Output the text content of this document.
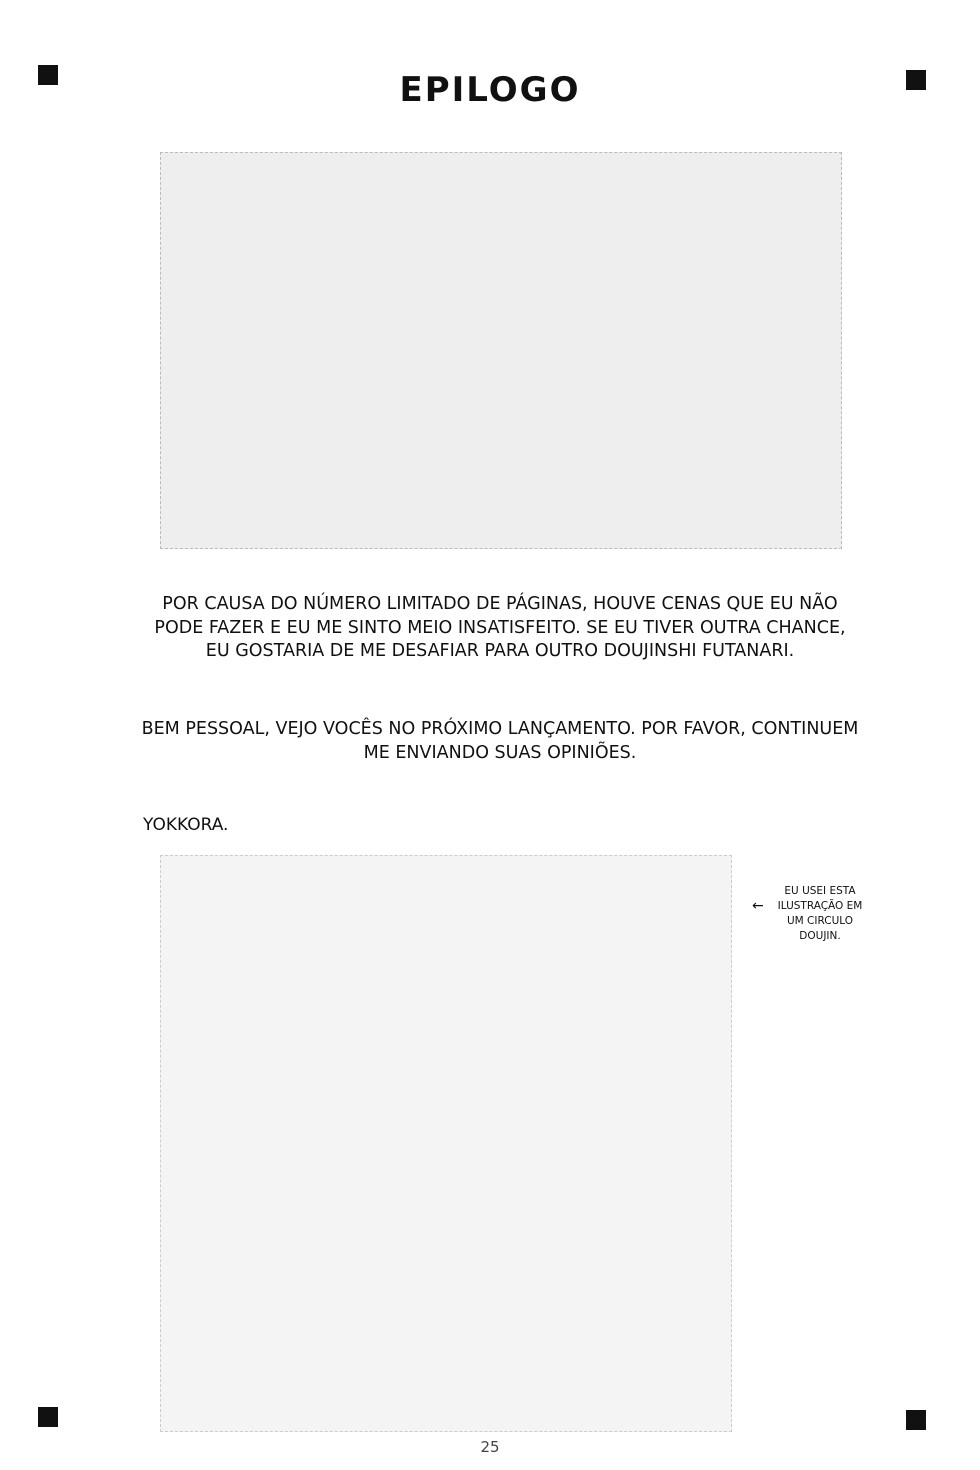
EPILOGO
POR CAUSA DO NÚMERO LIMITADO DE PÁGINAS, HOUVE CENAS QUE EU NÃO PODE FAZER E EU ME SINTO MEIO INSATISFEITO. SE EU TIVER OUTRA CHANCE, EU GOSTARIA DE ME DESAFIAR PARA OUTRO DOUJINSHI FUTANARI.
BEM PESSOAL, VEJO VOCÊS NO PRÓXIMO LANÇAMENTO. POR FAVOR, CONTINUEM ME ENVIANDO SUAS OPINIÕES.
YOKKORA.
←
EU USEI ESTA ILUSTRAÇÃO EM UM CIRCULO DOUJIN.
25
